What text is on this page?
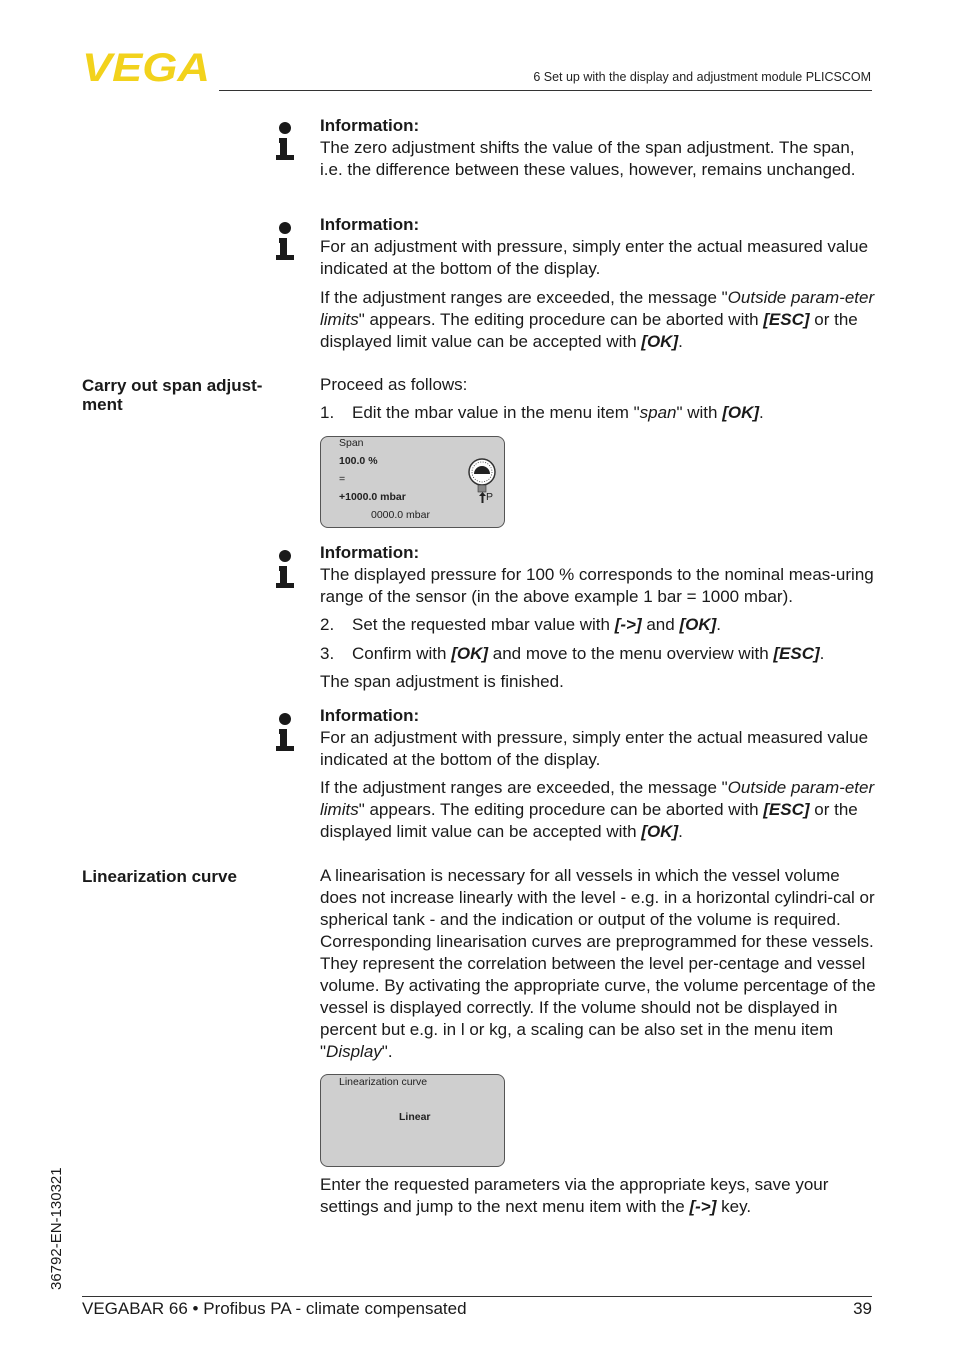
VEGA	6 Set up with the display and adjustment module PLICSCOM

Information:

The zero adjustment shifts the value of the span adjustment. The span, i.e. the difference between these values, however, remains unchanged.

Information:

For an adjustment with pressure, simply enter the actual measured value indicated at the bottom of the display.

If the adjustment ranges are exceeded, the message "Outside param-eter limits" appears. The editing procedure can be aborted with [ESC] or the displayed limit value can be accepted with [OK].

Carry out span adjust-ment
Proceed as follows:
1. Edit the mbar value in the menu item "span" with [OK].
Span
100.0 %
=
+1000.0 mbar
0000.0 mbar
P

Information:

The displayed pressure for 100 % corresponds to the nominal meas-uring range of the sensor (in the above example 1 bar = 1000 mbar).

2. Set the requested mbar value with [->] and [OK].
3. Confirm with [OK] and move to the menu overview with [ESC].
The span adjustment is finished.

Information:

For an adjustment with pressure, simply enter the actual measured value indicated at the bottom of the display.

If the adjustment ranges are exceeded, the message "Outside param-eter limits" appears. The editing procedure can be aborted with [ESC] or the displayed limit value can be accepted with [OK].

Linearization curve	A linearisation is necessary for all vessels in which the vessel volume does not increase linearly with the level - e.g. in a horizontal cylindri-cal or spherical tank - and the indication or output of the volume is required. Corresponding linearisation curves are preprogrammed for these vessels. They represent the correlation between the level per-centage and vessel volume. By activating the appropriate curve, the volume percentage of the vessel is displayed correctly. If the volume should not be displayed in percent but e.g. in l or kg, a scaling can be also set in the menu item "Display".
Linearization curve
Linear
Enter the requested parameters via the appropriate keys, save your settings and jump to the next menu item with the [->] key.
36792-EN-130321
VEGABAR 66 • Profibus PA - climate compensated	39
